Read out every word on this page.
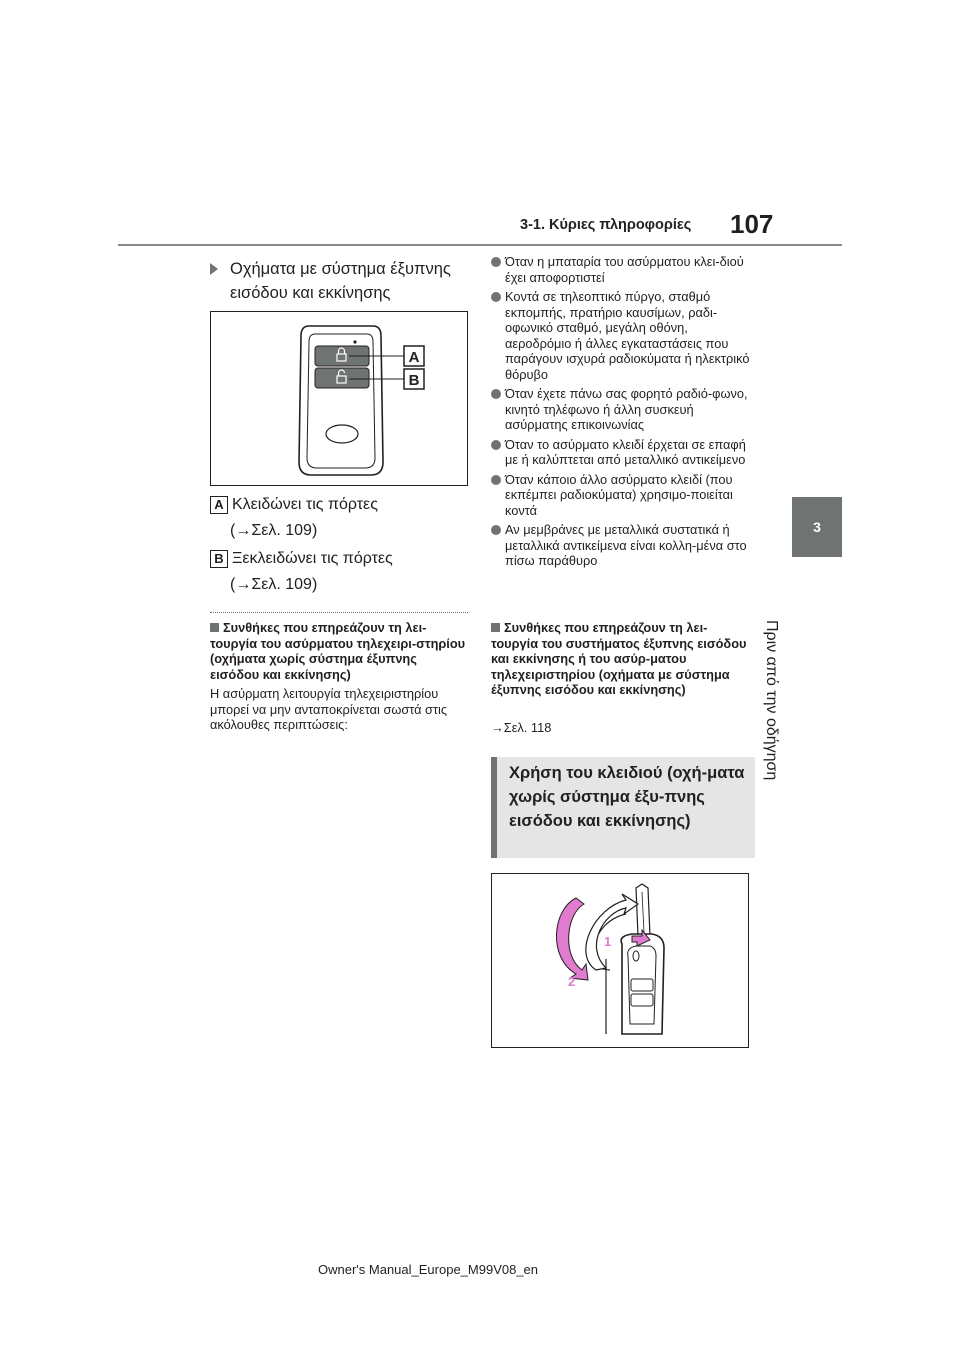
3-1. Κύριες πληροφορίες 107
3
Πριν από την οδήγηση
Οχήματα με σύστημα έξυπνης εισόδου και εκκίνησης
A
B
A Κλειδώνει τις πόρτες
(→Σελ. 109)
B Ξεκλειδώνει τις πόρτες
(→Σελ. 109)
Συνθήκες που επηρεάζουν τη λει-τουργία του ασύρματου τηλεχειρι-στηρίου (οχήματα χωρίς σύστημα έξυπνης εισόδου και εκκίνησης)
Η ασύρματη λειτουργία τηλεχειριστηρίου μπορεί να μην ανταποκρίνεται σωστά στις ακόλουθες περιπτώσεις:
Όταν η μπαταρία του ασύρματου κλει-διού έχει αποφορτιστεί
Κοντά σε τηλεοπτικό πύργο, σταθμό εκπομπής, πρατήριο καυσίμων, ραδι-οφωνικό σταθμό, μεγάλη οθόνη, αεροδρόμιο ή άλλες εγκαταστάσεις που παράγουν ισχυρά ραδιοκύματα ή ηλεκτρικό θόρυβο
Όταν έχετε πάνω σας φορητό ραδιό-φωνο, κινητό τηλέφωνο ή άλλη συσκευή ασύρματης επικοινωνίας
Όταν το ασύρματο κλειδί έρχεται σε επαφή με ή καλύπτεται από μεταλλικό αντικείμενο
Όταν κάποιο άλλο ασύρματο κλειδί (που εκπέμπει ραδιοκύματα) χρησιμο-ποιείται κοντά
Αν μεμβράνες με μεταλλικά συστατικά ή μεταλλικά αντικείμενα είναι κολλη-μένα στο πίσω παράθυρο
Συνθήκες που επηρεάζουν τη λει-τουργία του συστήματος έξυπνης εισόδου και εκκίνησης ή του ασύρ-ματου τηλεχειριστηρίου (οχήματα με σύστημα έξυπνης εισόδου και εκκίνησης)
→Σελ. 118
Χρήση του κλειδιού (οχή-ματα χωρίς σύστημα έξυ-πνης εισόδου και εκκίνησης)
1
2
Owner's Manual_Europe_M99V08_en
